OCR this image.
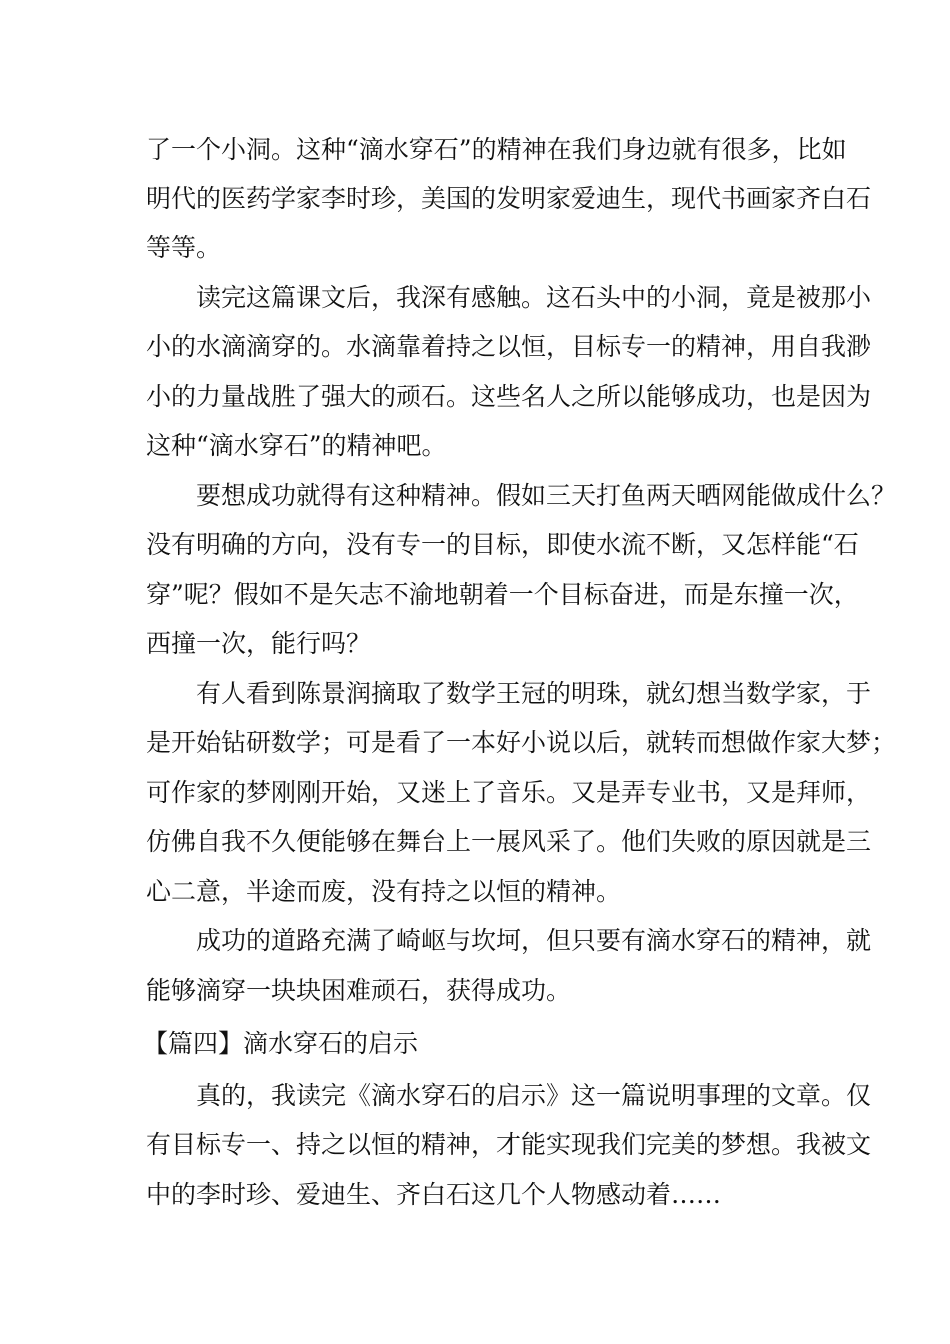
了一个小洞。这种“滴水穿石”的精神在我们身边就有很多，比如
明代的医药学家李时珍，美国的发明家爱迪生，现代书画家齐白石
等等。
读完这篇课文后，我深有感触。这石头中的小洞，竟是被那小
小的水滴滴穿的。水滴靠着持之以恒，目标专一的精神，用自我渺
小的力量战胜了强大的顽石。这些名人之所以能够成功，也是因为
这种“滴水穿石”的精神吧。
要想成功就得有这种精神。假如三天打鱼两天晒网能做成什么？
没有明确的方向，没有专一的目标，即使水流不断，又怎样能“石
穿”呢？假如不是矢志不渝地朝着一个目标奋进，而是东撞一次，
西撞一次，能行吗？
有人看到陈景润摘取了数学王冠的明珠，就幻想当数学家，于
是开始钻研数学；可是看了一本好小说以后，就转而想做作家大梦；
可作家的梦刚刚开始，又迷上了音乐。又是弄专业书，又是拜师，
仿佛自我不久便能够在舞台上一展风采了。他们失败的原因就是三
心二意，半途而废，没有持之以恒的精神。
成功的道路充满了崎岖与坎坷，但只要有滴水穿石的精神，就
能够滴穿一块块困难顽石，获得成功。
【篇四】滴水穿石的启示
真的，我读完《滴水穿石的启示》这一篇说明事理的文章。仅
有目标专一、持之以恒的精神，才能实现我们完美的梦想。我被文
中的李时珍、爱迪生、齐白石这几个人物感动着……
